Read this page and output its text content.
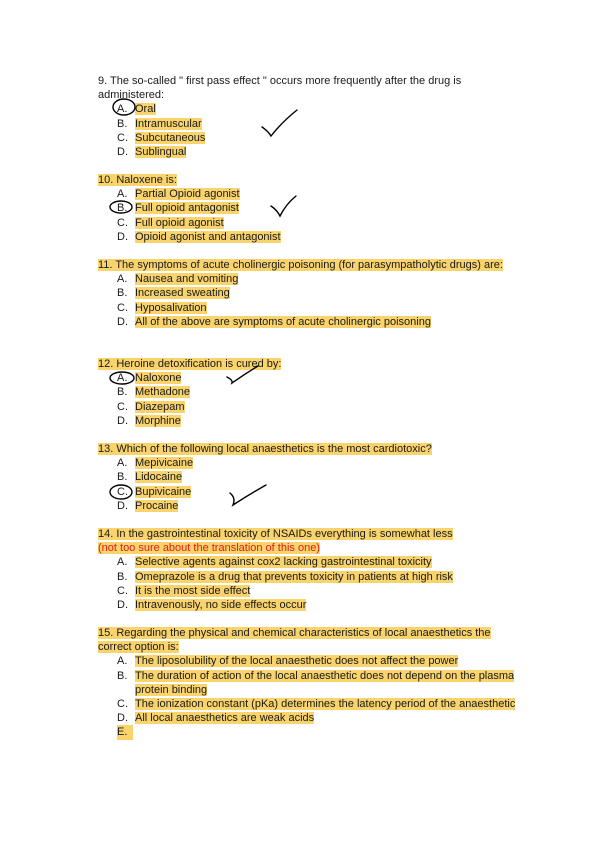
9. The so-called " first pass effect " occurs more frequently after the drug is administered:

A. Oral
B. Intramuscular
C. Subcutaneous
D. Sublingual

10. Naloxene is:

A. Partial Opioid agonist
B. Full opioid antagonist
C. Full opioid agonist
D. Opioid agonist and antagonist

11. The symptoms of acute cholinergic poisoning (for parasympatholytic drugs) are:

A. Nausea and vomiting
B. Increased sweating
C. Hyposalivation
D. All of the above are symptoms of acute cholinergic poisoning

12. Heroine detoxification is cured by:

A. Naloxone
B. Methadone
C. Diazepam
D. Morphine

13. Which of the following local anaesthetics is the most cardiotoxic?

A. Mepivicaine
B. Lidocaine
C. Bupivicaine
D. Procaine

14. In the gastrointestinal toxicity of NSAIDs everything is somewhat less

(not too sure about the translation of this one)

A. Selective agents against cox2 lacking gastrointestinal toxicity
B. Omeprazole is a drug that prevents toxicity in patients at high risk
C. It is the most side effect
D. Intravenously, no side effects occur

15. Regarding the physical and chemical characteristics of local anaesthetics the correct option is:

A. The liposolubility of the local anaesthetic does not affect the power
B. The duration of action of the local anaesthetic does not depend on the plasma protein binding
C. The ionization constant (pKa) determines the latency period of the anaesthetic
D. All local anaesthetics are weak acids
E.
